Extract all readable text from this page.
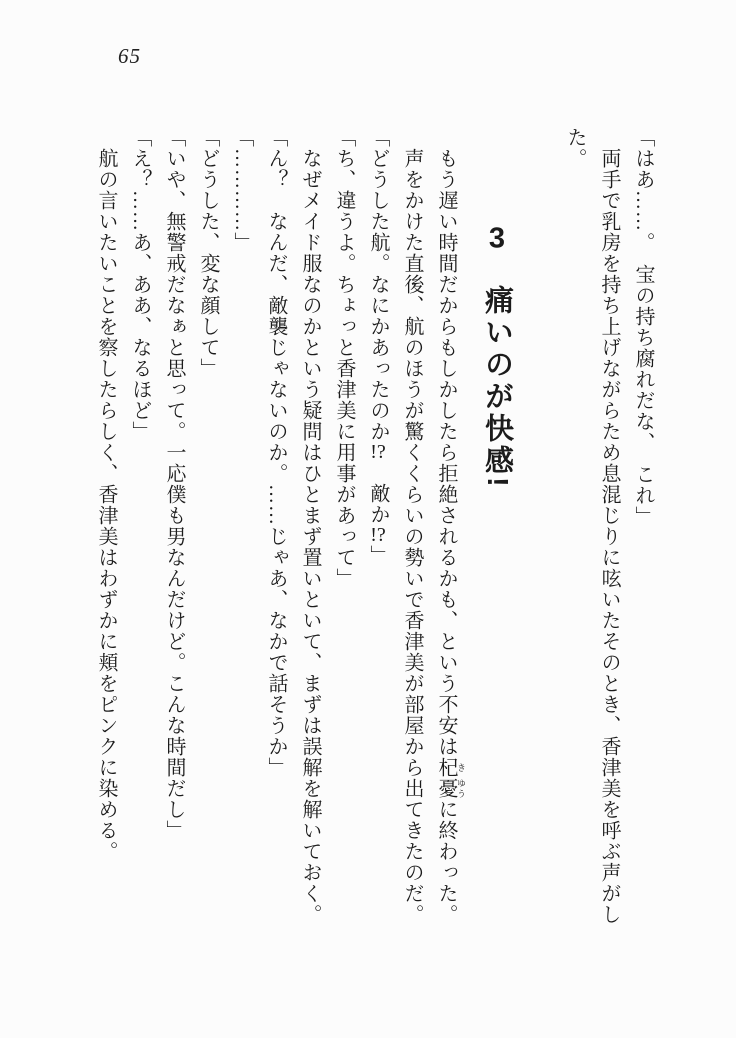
65
「はあ……。　宝の持ち腐れだな、　これ」
両手で乳房を持ち上げながらため息混じりに呟いたそのとき、香津美を呼ぶ声がし
た。
3　痛いのが快感!
もう遅い時間だからもしかしたら拒絶されるかも、という不安は杞 き憂 ゆうに終わった。
声をかけた直後、航のほうが驚くくらいの勢いで香津美が部屋から出てきたのだ。
「どうした航。なにかあったのか!?　敵か!?」
「ち、違うよ。ちょっと香津美に用事があって」
なぜメイド服なのかという疑問はひとまず置いといて、まずは誤解を解いておく。
「ん？　なんだ、敵襲じゃないのか。……じゃあ、なかで話そうか」
「…………」
「どうした、変な顔して」
「いや、無警戒だなぁと思って。一応僕も男なんだけど。こんな時間だし」
「え？……あ、ああ、なるほど」
航の言いたいことを察したらしく、香津美はわずかに頬をピンクに染める。
